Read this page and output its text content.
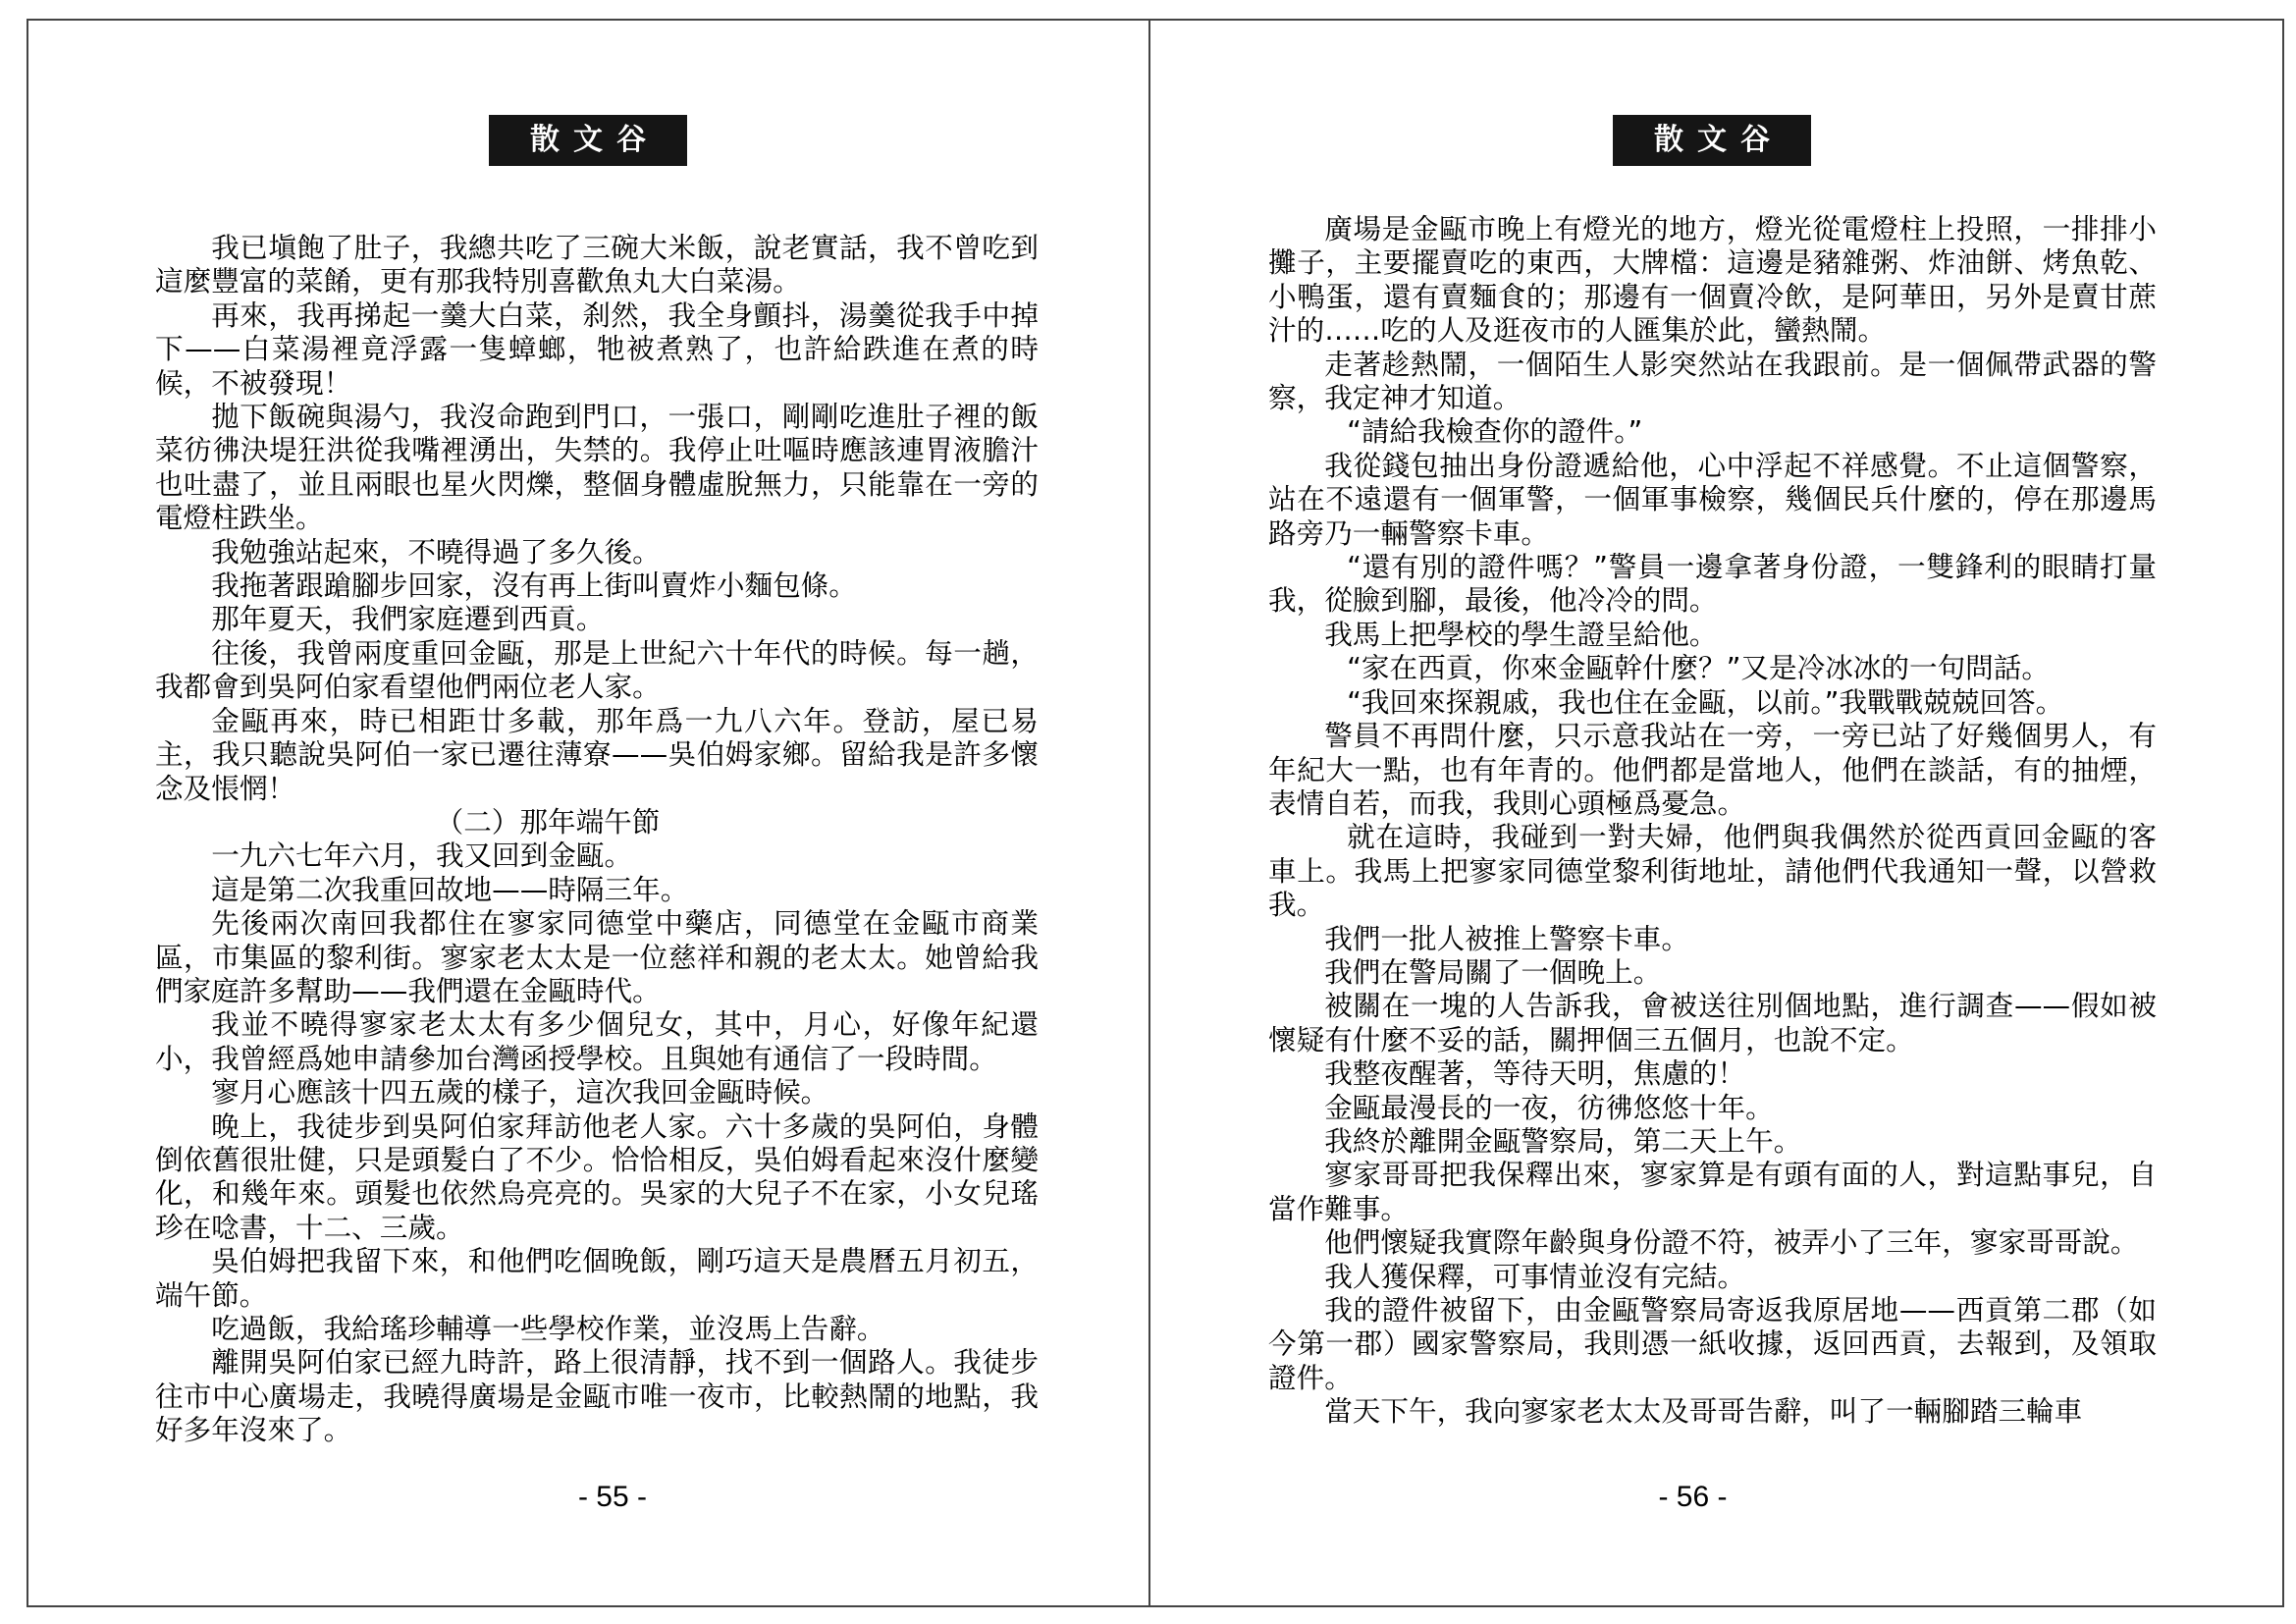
散文谷

我已塡飽了肚子，我總共吃了三碗大米飯，說老實話，我不曾吃到這麼豐富的菜餚，更有那我特別喜歡魚丸大白菜湯。

再來，我再挮起一羹大白菜，刹然，我全身顫抖，湯羹從我手中掉下——白菜湯裡竟浮露一隻蟑螂，牠被煮熟了，也許給跌進在煮的時候，不被發現！

拋下飯碗與湯勺，我沒命跑到門口，一張口，剛剛吃進肚子裡的飯菜彷彿決堤狂洪從我嘴裡湧出，失禁的。我停止吐嘔時應該連胃液膽汁也吐盡了，並且兩眼也星火閃爍，整個身體虛脫無力，只能靠在一旁的電燈柱跌坐。

我勉強站起來，不曉得過了多久後。

我拖著跟蹌腳步回家，沒有再上街叫賣炸小麵包條。

那年夏天，我們家庭遷到西貢。

往後，我曾兩度重回金甌，那是上世紀六十年代的時候。每一趟，我都會到吳阿伯家看望他們兩位老人家。

金甌再來，時已相距廿多載，那年爲一九八六年。登訪，屋已易主，我只聽說吳阿伯一家已遷往薄寮——吳伯姆家鄉。留給我是許多懷念及悵惘！

（二）那年端午節

一九六七年六月，我又回到金甌。

這是第二次我重回故地——時隔三年。

先後兩次南回我都住在寥家同德堂中藥店，同德堂在金甌市商業區，市集區的黎利街。寥家老太太是一位慈祥和親的老太太。她曾給我們家庭許多幫助——我們還在金甌時代。

我並不曉得寥家老太太有多少個兒女，其中，月心，好像年紀還小，我曾經爲她申請參加台灣函授學校。且與她有通信了一段時間。

寥月心應該十四五歲的樣子，這次我回金甌時候。

晚上，我徒步到吳阿伯家拜訪他老人家。六十多歲的吳阿伯，身體倒依舊很壯健，只是頭髮白了不少。恰恰相反，吳伯姆看起來沒什麼變化，和幾年來。頭髮也依然烏亮亮的。吳家的大兒子不在家，小女兒瑤珍在唸書，十二、三歲。

吳伯姆把我留下來，和他們吃個晚飯，剛巧這天是農曆五月初五，端午節。

吃過飯，我給瑤珍輔導一些學校作業，並沒馬上告辭。

離開吳阿伯家已經九時許，路上很清靜，找不到一個路人。我徒步往市中心廣場走，我曉得廣場是金甌市唯一夜市，比較熱鬧的地點，我好多年沒來了。

- 55 -
散文谷

廣場是金甌市晚上有燈光的地方，燈光從電燈柱上投照，一排排小攤子，主要擺賣吃的東西，大牌檔：這邊是豬雜粥、炸油餅、烤魚乾、小鴨蛋，還有賣麵食的；那邊有一個賣冷飲，是阿華田，另外是賣甘蔗汁的……吃的人及逛夜市的人匯集於此，蠻熱鬧。

走著趁熱鬧，一個陌生人影突然站在我跟前。是一個佩帶武器的警察，我定神才知道。

“請給我檢查你的證件。”

我從錢包抽出身份證遞給他，心中浮起不祥感覺。不止這個警察，站在不遠還有一個軍警，一個軍事檢察，幾個民兵什麼的，停在那邊馬路旁乃一輛警察卡車。

“還有別的證件嗎？”警員一邊拿著身份證，一雙鋒利的眼睛打量我，從臉到腳，最後，他冷冷的問。

我馬上把學校的學生證呈給他。

“家在西貢，你來金甌幹什麼？”又是冷冰冰的一句問話。

“我回來探親戚，我也住在金甌，以前。”我戰戰兢兢回答。

警員不再問什麼，只示意我站在一旁，一旁已站了好幾個男人，有年紀大一點，也有年青的。他們都是當地人，他們在談話，有的抽煙，表情自若，而我，我則心頭極爲憂急。

就在這時，我碰到一對夫婦，他們與我偶然於從西貢回金甌的客車上。我馬上把寥家同德堂黎利街地址，請他們代我通知一聲，以營救我。

我們一批人被推上警察卡車。

我們在警局關了一個晚上。

被關在一塊的人告訴我，會被送往別個地點，進行調查——假如被懷疑有什麼不妥的話，關押個三五個月，也說不定。

我整夜醒著，等待天明，焦慮的！

金甌最漫長的一夜，彷彿悠悠十年。

我終於離開金甌警察局，第二天上午。

寥家哥哥把我保釋出來，寥家算是有頭有面的人，對這點事兒，自當作難事。

他們懷疑我實際年齡與身份證不符，被弄小了三年，寥家哥哥說。

我人獲保釋，可事情並沒有完結。

我的證件被留下，由金甌警察局寄返我原居地——西貢第二郡（如今第一郡）國家警察局，我則憑一紙收據，返回西貢，去報到，及領取證件。

當天下午，我向寥家老太太及哥哥告辭，叫了一輛腳踏三輪車

- 56 -
